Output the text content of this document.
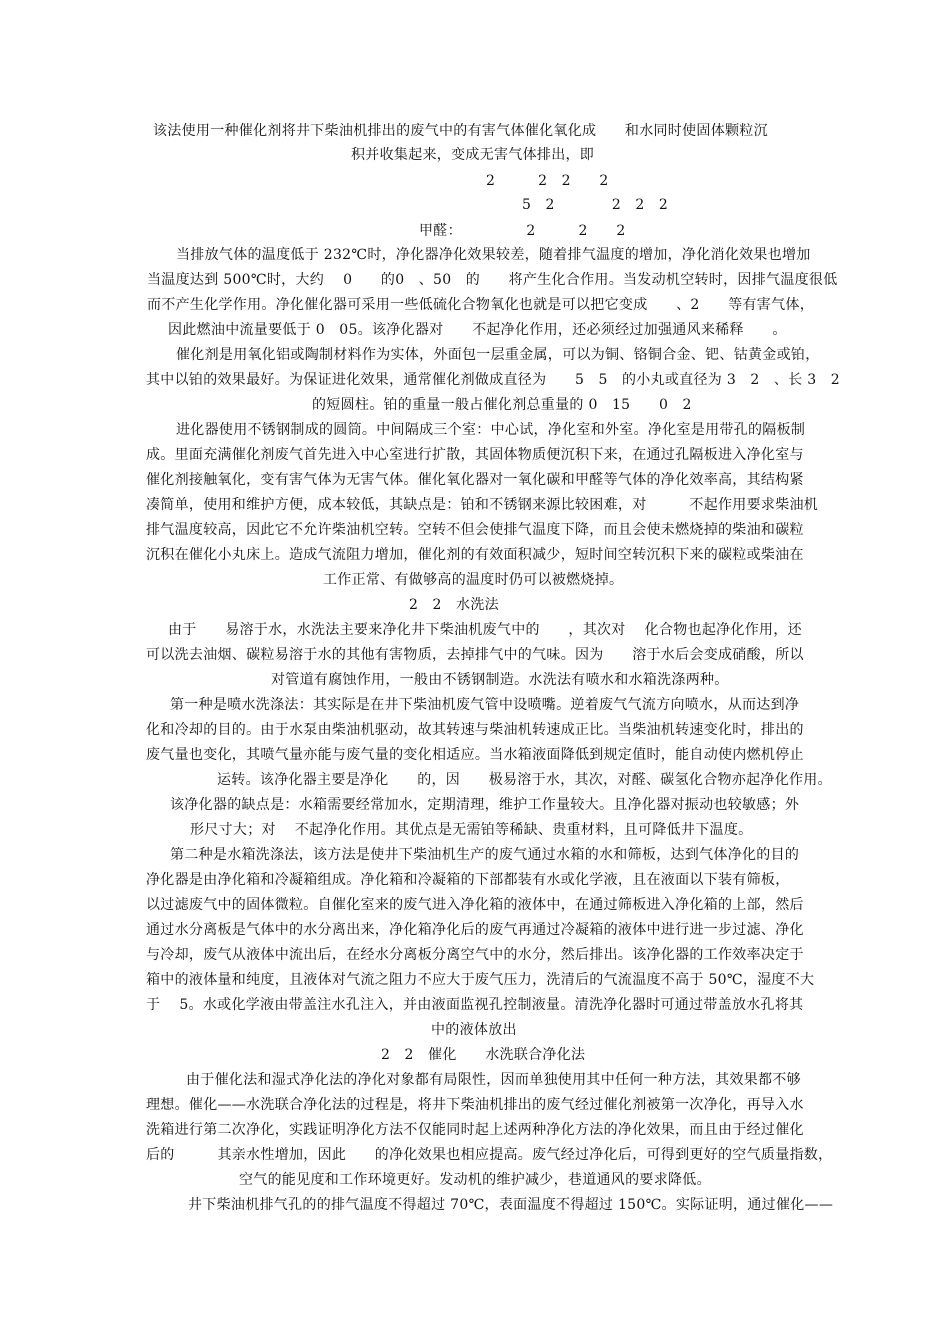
该法使用一种催化剂将井下柴油机排出的废气中的有害气体催化氧化成　　和水同时使固体颗粒沉
积并收集起来，变成无害气体排出，即
2　　　2　2　　2
5　2　　　　2　2　2
甲醛：　　　　　2　　　2　　2
当排放气体的温度低于 232℃时，净化器净化效果较差，随着排气温度的增加，净化消化效果也增加
当温度达到 500℃时，大约　 0　　的0　、50　的　　将产生化合作用。当发动机空转时，因排气温度很低
而不产生化学作用。净化催化器可采用一些低硫化合物氧化也就是可以把它变成　　、2　　等有害气体，
因此燃油中流量要低于 0　05。该净化器对　　不起净化作用，还必须经过加强通风来稀释　　。
催化剂是用氧化铝或陶制材料作为实体，外面包一层重金属，可以为铜、铬铜合金、钯、钴黄金或铂，
其中以铂的效果最好。为保证进化效果，通常催化剂做成直径为　　5　5　的小丸或直径为 3　2　、长 3　2
的短圆柱。铂的重量一般占催化剂总重量的 0　15　　0　2
进化器使用不锈钢制成的圆筒。中间隔成三个室：中心试，净化室和外室。净化室是用带孔的隔板制
成。里面充满催化剂废气首先进入中心室进行扩散，其固体物质便沉积下来，在通过孔隔板进入净化室与
催化剂接触氧化，变有害气体为无害气体。催化氧化器对一氧化碳和甲醛等气体的净化效率高，其结构紧
凑简单，使用和维护方便，成本较低，其缺点是：铂和不锈钢来源比较困难，对　　　不起作用要求柴油机
排气温度较高，因此它不允许柴油机空转。空转不但会使排气温度下降，而且会使未燃烧掉的柴油和碳粒
沉积在催化小丸床上。造成气流阻力增加，催化剂的有效面积减少，短时间空转沉积下来的碳粒或柴油在
工作正常、有做够高的温度时仍可以被燃烧掉。
2　2　水洗法
由于　　易溶于水，水洗法主要来净化井下柴油机废气中的　　，其次对　 化合物也起净化作用，还
可以洗去油烟、碳粒易溶于水的其他有害物质，去掉排气中的气味。因为　　溶于水后会变成硝酸，所以
对管道有腐蚀作用，一般由不锈钢制造。水洗法有喷水和水箱洗涤两种。
第一种是喷水洗涤法：其实际是在井下柴油机废气管中设喷嘴。逆着废气气流方向喷水，从而达到净
化和冷却的目的。由于水泵由柴油机驱动，故其转速与柴油机转速成正比。当柴油机转速变化时，排出的
废气量也变化，其喷气量亦能与废气量的变化相适应。当水箱液面降低到规定值时，能自动使内燃机停止
运转。该净化器主要是净化　　的，因　　极易溶于水，其次，对醛、碳氢化合物亦起净化作用。
该净化器的缺点是：水箱需要经常加水，定期清理，维护工作量较大。且净化器对振动也较敏感；外
形尺寸大；对　 不起净化作用。其优点是无需铂等稀缺、贵重材料，且可降低井下温度。
第二种是水箱洗涤法，该方法是使井下柴油机生产的废气通过水箱的水和筛板，达到气体净化的目的
净化器是由净化箱和冷凝箱组成。净化箱和冷凝箱的下部都装有水或化学液，且在液面以下装有筛板，
以过滤废气中的固体微粒。自催化室来的废气进入净化箱的液体中，在通过筛板进入净化箱的上部，然后
通过水分离板是气体中的水分离出来，净化箱净化后的废气再通过冷凝箱的液体中进行进一步过滤、净化
与冷却，废气从液体中流出后，在经水分离板分离空气中的水分，然后排出。该净化器的工作效率决定于
箱中的液体量和纯度，且液体对气流之阻力不应大于废气压力，洗清后的气流温度不高于 50℃，湿度不大
于　 5。水或化学液由带盖注水孔注入，并由液面监视孔控制液量。清洗净化器时可通过带盖放水孔将其
中的液体放出
2　2　催化　　水洗联合净化法
由于催化法和湿式净化法的净化对象都有局限性，因而单独使用其中任何一种方法，其效果都不够
理想。催化——水洗联合净化法的过程是，将井下柴油机排出的废气经过催化剂被第一次净化，再导入水
洗箱进行第二次净化，实践证明净化方法不仅能同时起上述两种净化方法的净化效果，而且由于经过催化
后的　　　其亲水性增加，因此　　的净化效果也相应提高。废气经过净化后，可得到更好的空气质量指数，
空气的能见度和工作环境更好。发动机的维护减少，巷道通风的要求降低。
井下柴油机排气孔的的排气温度不得超过 70℃，表面温度不得超过 150℃。实际证明，通过催化——
